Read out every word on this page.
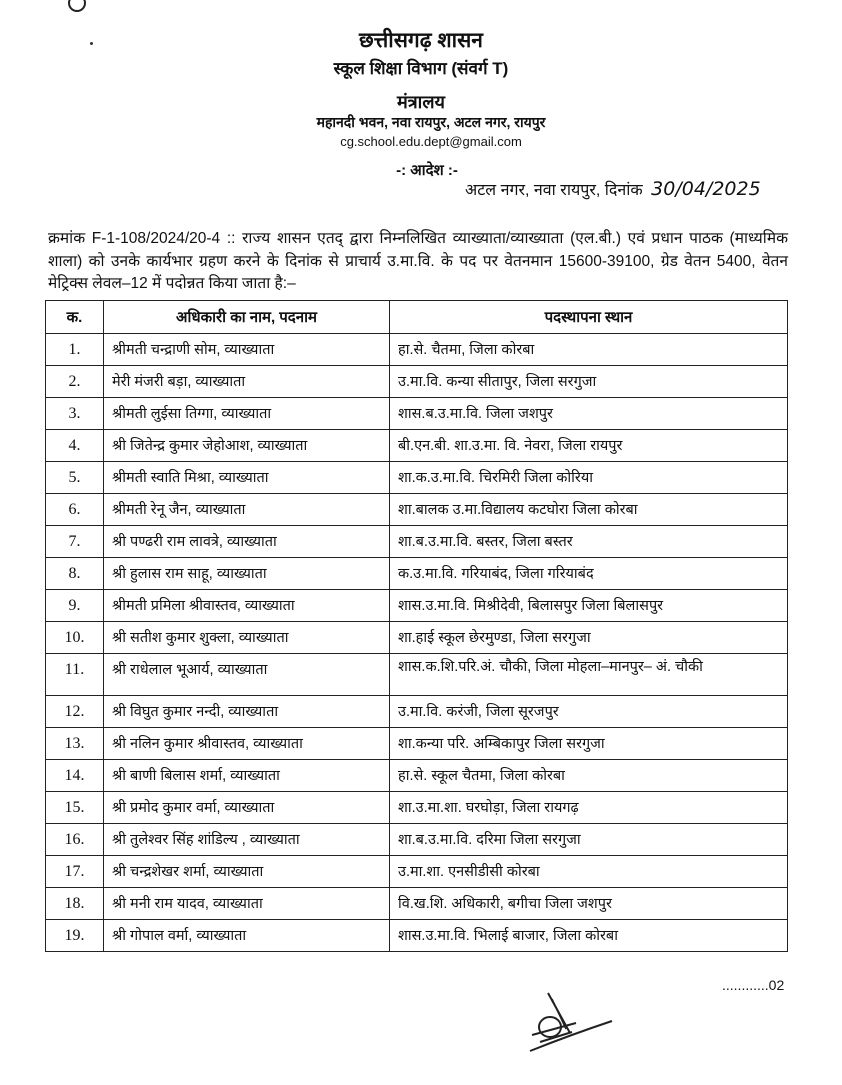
छत्तीसगढ़ शासन
स्कूल शिक्षा विभाग (संवर्ग T)
मंत्रालय
महानदी भवन, नवा रायपुर, अटल नगर, रायपुर
cg.school.edu.dept@gmail.com
-: आदेश :-
अटल नगर, नवा रायपुर, दिनांक 30/04/2025
क्रमांक F-1-108/2024/20-4 :: राज्य शासन एतद् द्वारा निम्नलिखित व्याख्याता/व्याख्याता (एल.बी.) एवं प्रधान पाठक (माध्यमिक शाला) को उनके कार्यभार ग्रहण करने के दिनांक से प्राचार्य उ.मा.वि. के पद पर वेतनमान 15600-39100, ग्रेड वेतन 5400, वेतन मेट्रिक्स लेवल–12 में पदोन्नत किया जाता है:–
क.	अधिकारी का नाम, पदनाम	पदस्थापना स्थान
1.	श्रीमती चन्द्राणी सोम, व्याख्याता	हा.से. चैतमा, जिला कोरबा
2.	मेरी मंजरी बड़ा, व्याख्याता	उ.मा.वि. कन्या सीतापुर, जिला सरगुजा
3.	श्रीमती लुईसा तिग्गा, व्याख्याता	शास.ब.उ.मा.वि. जिला जशपुर
4.	श्री जितेन्द्र कुमार जेहोआश, व्याख्याता	बी.एन.बी. शा.उ.मा. वि. नेवरा, जिला रायपुर
5.	श्रीमती स्वाति मिश्रा, व्याख्याता	शा.क.उ.मा.वि. चिरमिरी जिला कोरिया
6.	श्रीमती रेनू जैन, व्याख्याता	शा.बालक उ.मा.विद्यालय कटघोरा जिला कोरबा
7.	श्री पण्ढरी राम लावत्रे, व्याख्याता	शा.ब.उ.मा.वि. बस्तर, जिला बस्तर
8.	श्री हुलास राम साहू, व्याख्याता	क.उ.मा.वि. गरियाबंद, जिला गरियाबंद
9.	श्रीमती प्रमिला श्रीवास्तव, व्याख्याता	शास.उ.मा.वि. मिश्रीदेवी, बिलासपुर जिला बिलासपुर
10.	श्री सतीश कुमार शुक्ला, व्याख्याता	शा.हाई स्कूल छेरमुण्डा, जिला सरगुजा
11.	श्री राधेलाल भूआर्य, व्याख्याता	शास.क.शि.परि.अं. चौकी, जिला मोहला–मानपुर– अं. चौकी
12.	श्री विघुत कुमार नन्दी, व्याख्याता	उ.मा.वि. करंजी, जिला सूरजपुर
13.	श्री नलिन कुमार श्रीवास्तव, व्याख्याता	शा.कन्या परि. अम्बिकापुर जिला सरगुजा
14.	श्री बाणी बिलास शर्मा, व्याख्याता	हा.से. स्कूल चैतमा, जिला कोरबा
15.	श्री प्रमोद कुमार वर्मा, व्याख्याता	शा.उ.मा.शा. घरघोड़ा, जिला रायगढ़
16.	श्री तुलेश्वर सिंह शांडिल्य , व्याख्याता	शा.ब.उ.मा.वि. दरिमा जिला सरगुजा
17.	श्री चन्द्रशेखर शर्मा, व्याख्याता	उ.मा.शा. एनसीडीसी कोरबा
18.	श्री मनी राम यादव, व्याख्याता	वि.ख.शि. अधिकारी, बगीचा जिला जशपुर
19.	श्री गोपाल वर्मा, व्याख्याता	शास.उ.मा.वि. भिलाई बाजार, जिला कोरबा
............02
